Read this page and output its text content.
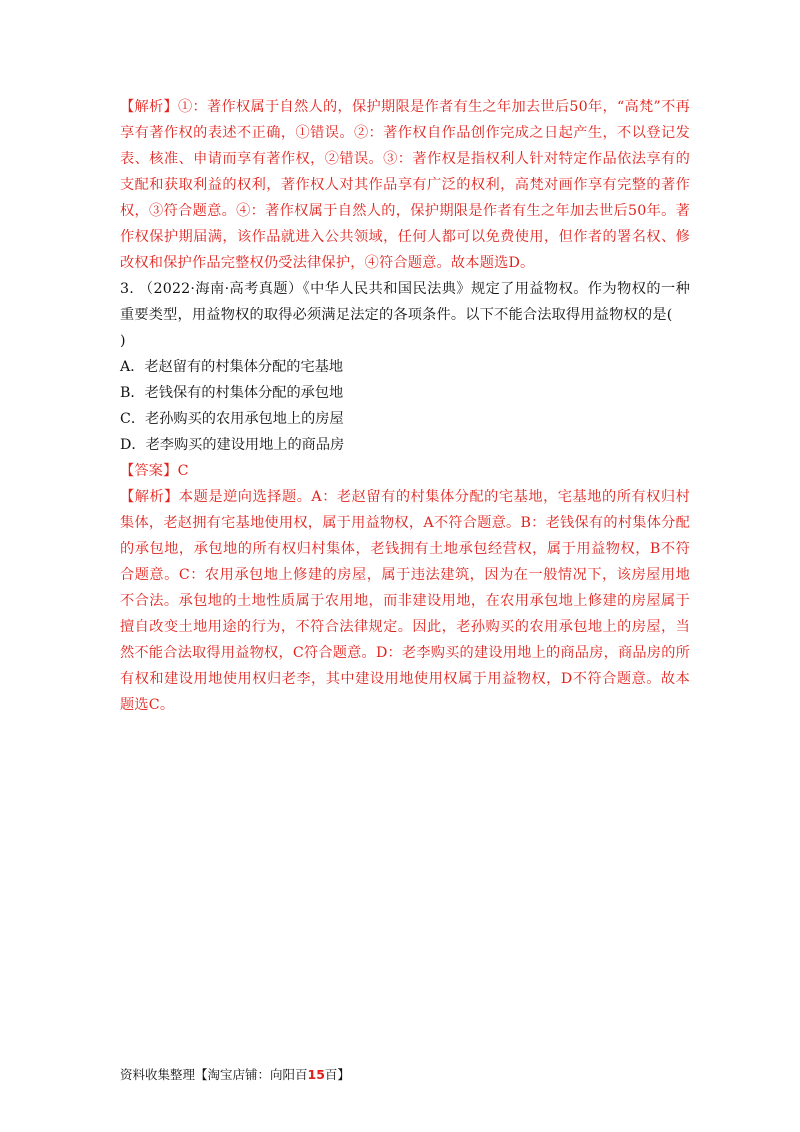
【解析】①：著作权属于自然人的，保护期限是作者有生之年加去世后50年，“高梵”不再享有著作权的表述不正确，①错误。②：著作权自作品创作完成之日起产生，不以登记发表、核准、申请而享有著作权，②错误。③：著作权是指权利人针对特定作品依法享有的支配和获取利益的权利，著作权人对其作品享有广泛的权利，高梵对画作享有完整的著作权，③符合题意。④：著作权属于自然人的，保护期限是作者有生之年加去世后50年。著作权保护期届满，该作品就进入公共领域，任何人都可以免费使用，但作者的署名权、修改权和保护作品完整权仍受法律保护，④符合题意。故本题选D。

3. （2022·海南·高考真题）《中华人民共和国民法典》规定了用益物权。作为物权的一种重要类型，用益物权的取得必须满足法定的各项条件。以下不能合法取得用益物权的是(
)

A．老赵留有的村集体分配的宅基地

B．老钱保有的村集体分配的承包地

C．老孙购买的农用承包地上的房屋

D．老李购买的建设用地上的商品房

【答案】C

【解析】本题是逆向选择题。A：老赵留有的村集体分配的宅基地，宅基地的所有权归村集体，老赵拥有宅基地使用权，属于用益物权，A不符合题意。B：老钱保有的村集体分配的承包地，承包地的所有权归村集体，老钱拥有土地承包经营权，属于用益物权，B不符合题意。C：农用承包地上修建的房屋，属于违法建筑，因为在一般情况下，该房屋用地不合法。承包地的土地性质属于农用地，而非建设用地，在农用承包地上修建的房屋属于擅自改变土地用途的行为，不符合法律规定。因此，老孙购买的农用承包地上的房屋，当然不能合法取得用益物权，C符合题意。D：老李购买的建设用地上的商品房，商品房的所有权和建设用地使用权归老李，其中建设用地使用权属于用益物权，D不符合题意。故本题选C。

资料收集整理【淘宝店铺：向阳百15百】
